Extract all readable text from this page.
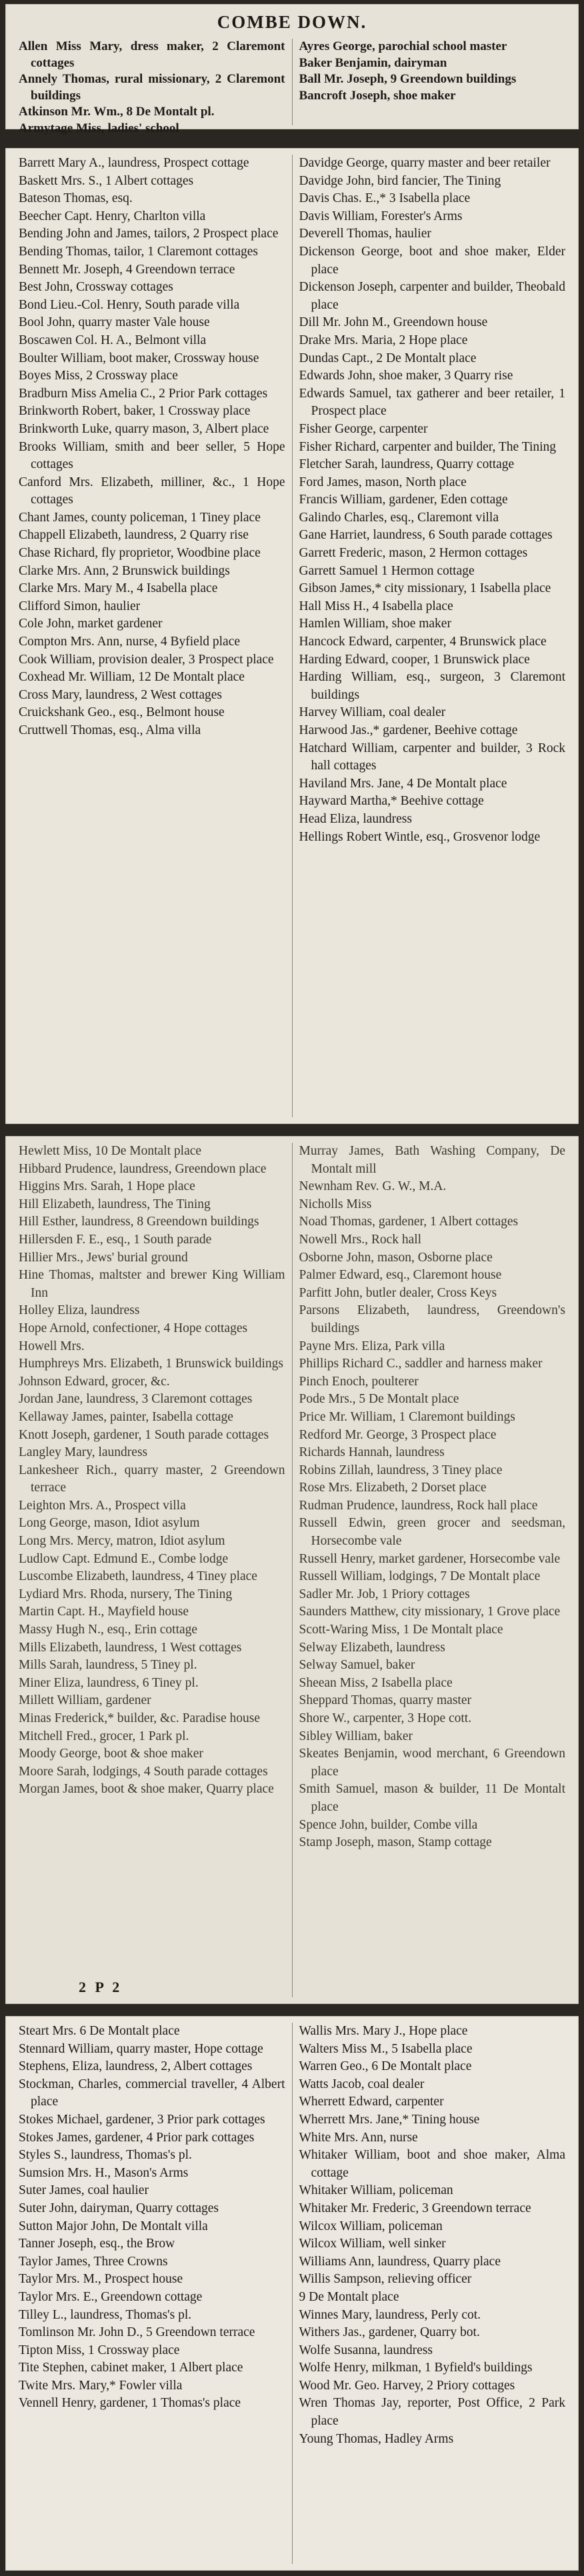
COMBE DOWN.
Allen Miss Mary, dress maker, 2 Claremont cottages
Annely Thomas, rural missionary, 2 Claremont buildings
Atkinson Mr. Wm., 8 De Montalt pl.
Armytage Miss, ladies' school
Ayres George, parochial school master
Baker Benjamin, dairyman
Ball Mr. Joseph, 9 Greendown buildings
Bancroft Joseph, shoe maker
Barrett Mary A., laundress, Prospect cottage
Baskett Mrs. S., 1 Albert cottages
Bateson Thomas, esq.
Beecher Capt. Henry, Charlton villa
Bending John and James, tailors, 2 Prospect place
Bending Thomas, tailor, 1 Claremont cottages
Bennett Mr. Joseph, 4 Greendown terrace
Best John, Crossway cottages
Bond Lieu.-Col. Henry, South parade villa
Bool John, quarry master Vale house
Boscawen Col. H. A., Belmont villa
Boulter William, boot maker, Crossway house
Boyes Miss, 2 Crossway place
Bradburn Miss Amelia C., 2 Prior Park cottages
Brinkworth Robert, baker, 1 Crossway place
Brinkworth Luke, quarry mason, 3, Albert place
Brooks William, smith and beer seller, 5 Hope cottages
Canford Mrs. Elizabeth, milliner, &c., 1 Hope cottages
Chant James, county policeman, 1 Tiney place
Chappell Elizabeth, laundress, 2 Quarry rise
Chase Richard, fly proprietor, Woodbine place
Clarke Mrs. Ann, 2 Brunswick buildings
Clarke Mrs. Mary M., 4 Isabella place
Clifford Simon, haulier
Cole John, market gardener
Compton Mrs. Ann, nurse, 4 Byfield place
Cook William, provision dealer, 3 Prospect place
Coxhead Mr. William, 12 De Montalt place
Cross Mary, laundress, 2 West cottages
Cruickshank Geo., esq., Belmont house
Cruttwell Thomas, esq., Alma villa
Davidge George, quarry master and beer retailer
Davidge John, bird fancier, The Tining
Davis Chas. E.,* 3 Isabella place
Davis William, Forester's Arms
Deverell Thomas, haulier
Dickenson George, boot and shoe maker, Elder place
Dickenson Joseph, carpenter and builder, Theobald place
Dill Mr. John M., Greendown house
Drake Mrs. Maria, 2 Hope place
Dundas Capt., 2 De Montalt place
Edwards John, shoe maker, 3 Quarry rise
Edwards Samuel, tax gatherer and beer retailer, 1 Prospect place
Fisher George, carpenter
Fisher Richard, carpenter and builder, The Tining
Fletcher Sarah, laundress, Quarry cottage
Ford James, mason, North place
Francis William, gardener, Eden cottage
Galindo Charles, esq., Claremont villa
Gane Harriet, laundress, 6 South parade cottages
Garrett Frederic, mason, 2 Hermon cottages
Garrett Samuel 1 Hermon cottage
Gibson James,* city missionary, 1 Isabella place
Hall Miss H., 4 Isabella place
Hamlen William, shoe maker
Hancock Edward, carpenter, 4 Brunswick place
Harding Edward, cooper, 1 Brunswick place
Harding William, esq., surgeon, 3 Claremont buildings
Harvey William, coal dealer
Harwood Jas.,* gardener, Beehive cottage
Hatchard William, carpenter and builder, 3 Rock hall cottages
Haviland Mrs. Jane, 4 De Montalt place
Hayward Martha,* Beehive cottage
Head Eliza, laundress
Hellings Robert Wintle, esq., Grosvenor lodge
Hewlett Miss, 10 De Montalt place
Hibbard Prudence, laundress, Greendown place
Higgins Mrs. Sarah, 1 Hope place
Hill Elizabeth, laundress, The Tining
Hill Esther, laundress, 8 Greendown buildings
Hillersden F. E., esq., 1 South parade
Hillier Mrs., Jews' burial ground
Hine Thomas, maltster and brewer King William Inn
Holley Eliza, laundress
Hope Arnold, confectioner, 4 Hope cottages
Howell Mrs.
Humphreys Mrs. Elizabeth, 1 Brunswick buildings
Johnson Edward, grocer, &c.
Jordan Jane, laundress, 3 Claremont cottages
Kellaway James, painter, Isabella cottage
Knott Joseph, gardener, 1 South parade cottages
Langley Mary, laundress
Lankesheer Rich., quarry master, 2 Greendown terrace
Leighton Mrs. A., Prospect villa
Long George, mason, Idiot asylum
Long Mrs. Mercy, matron, Idiot asylum
Ludlow Capt. Edmund E., Combe lodge
Luscombe Elizabeth, laundress, 4 Tiney place
Lydiard Mrs. Rhoda, nursery, The Tining
Martin Capt. H., Mayfield house
Massy Hugh N., esq., Erin cottage
Mills Elizabeth, laundress, 1 West cottages
Mills Sarah, laundress, 5 Tiney pl.
Miner Eliza, laundress, 6 Tiney pl.
Millett William, gardener
Minas Frederick,* builder, &c. Paradise house
Mitchell Fred., grocer, 1 Park pl.
Moody George, boot & shoe maker
Moore Sarah, lodgings, 4 South parade cottages
Morgan James, boot & shoe maker, Quarry place
Murray James, Bath Washing Company, De Montalt mill
Newnham Rev. G. W., M.A.
Nicholls Miss
Noad Thomas, gardener, 1 Albert cottages
Nowell Mrs., Rock hall
Osborne John, mason, Osborne place
Palmer Edward, esq., Claremont house
Parfitt John, butler dealer, Cross Keys
Parsons Elizabeth, laundress, Greendown's buildings
Payne Mrs. Eliza, Park villa
Phillips Richard C., saddler and harness maker
Pinch Enoch, poulterer
Pode Mrs., 5 De Montalt place
Price Mr. William, 1 Claremont buildings
Redford Mr. George, 3 Prospect place
Richards Hannah, laundress
Robins Zillah, laundress, 3 Tiney place
Rose Mrs. Elizabeth, 2 Dorset place
Rudman Prudence, laundress, Rock hall place
Russell Edwin, green grocer and seedsman, Horsecombe vale
Russell Henry, market gardener, Horsecombe vale
Russell William, lodgings, 7 De Montalt place
Sadler Mr. Job, 1 Priory cottages
Saunders Matthew, city missionary, 1 Grove place
Scott-Waring Miss, 1 De Montalt place
Selway Elizabeth, laundress
Selway Samuel, baker
Sheean Miss, 2 Isabella place
Sheppard Thomas, quarry master
Shore W., carpenter, 3 Hope cott.
Sibley William, baker
Skeates Benjamin, wood merchant, 6 Greendown place
Smith Samuel, mason & builder, 11 De Montalt place
Spence John, builder, Combe villa
Stamp Joseph, mason, Stamp cottage
2 P 2
Steart Mrs. 6 De Montalt place
Stennard William, quarry master, Hope cottage
Stephens, Eliza, laundress, 2, Albert cottages
Stockman, Charles, commercial traveller, 4 Albert place
Stokes Michael, gardener, 3 Prior park cottages
Stokes James, gardener, 4 Prior park cottages
Styles S., laundress, Thomas's pl.
Sumsion Mrs. H., Mason's Arms
Suter James, coal haulier
Suter John, dairyman, Quarry cottages
Sutton Major John, De Montalt villa
Tanner Joseph, esq., the Brow
Taylor James, Three Crowns
Taylor Mrs. M., Prospect house
Taylor Mrs. E., Greendown cottage
Tilley L., laundress, Thomas's pl.
Tomlinson Mr. John D., 5 Greendown terrace
Tipton Miss, 1 Crossway place
Tite Stephen, cabinet maker, 1 Albert place
Twite Mrs. Mary,* Fowler villa
Vennell Henry, gardener, 1 Thomas's place
Wallis Mrs. Mary J., Hope place
Walters Miss M., 5 Isabella place
Warren Geo., 6 De Montalt place
Watts Jacob, coal dealer
Wherrett Edward, carpenter
Wherrett Mrs. Jane,* Tining house
White Mrs. Ann, nurse
Whitaker William, boot and shoe maker, Alma cottage
Whitaker William, policeman
Whitaker Mr. Frederic, 3 Greendown terrace
Wilcox William, policeman
Wilcox William, well sinker
Williams Ann, laundress, Quarry place
Willis Sampson, relieving officer
9 De Montalt place
Winnes Mary, laundress, Perly cot.
Withers Jas., gardener, Quarry bot.
Wolfe Susanna, laundress
Wolfe Henry, milkman, 1 Byfield's buildings
Wood Mr. Geo. Harvey, 2 Priory cottages
Wren Thomas Jay, reporter, Post Office, 2 Park place
Young Thomas, Hadley Arms
